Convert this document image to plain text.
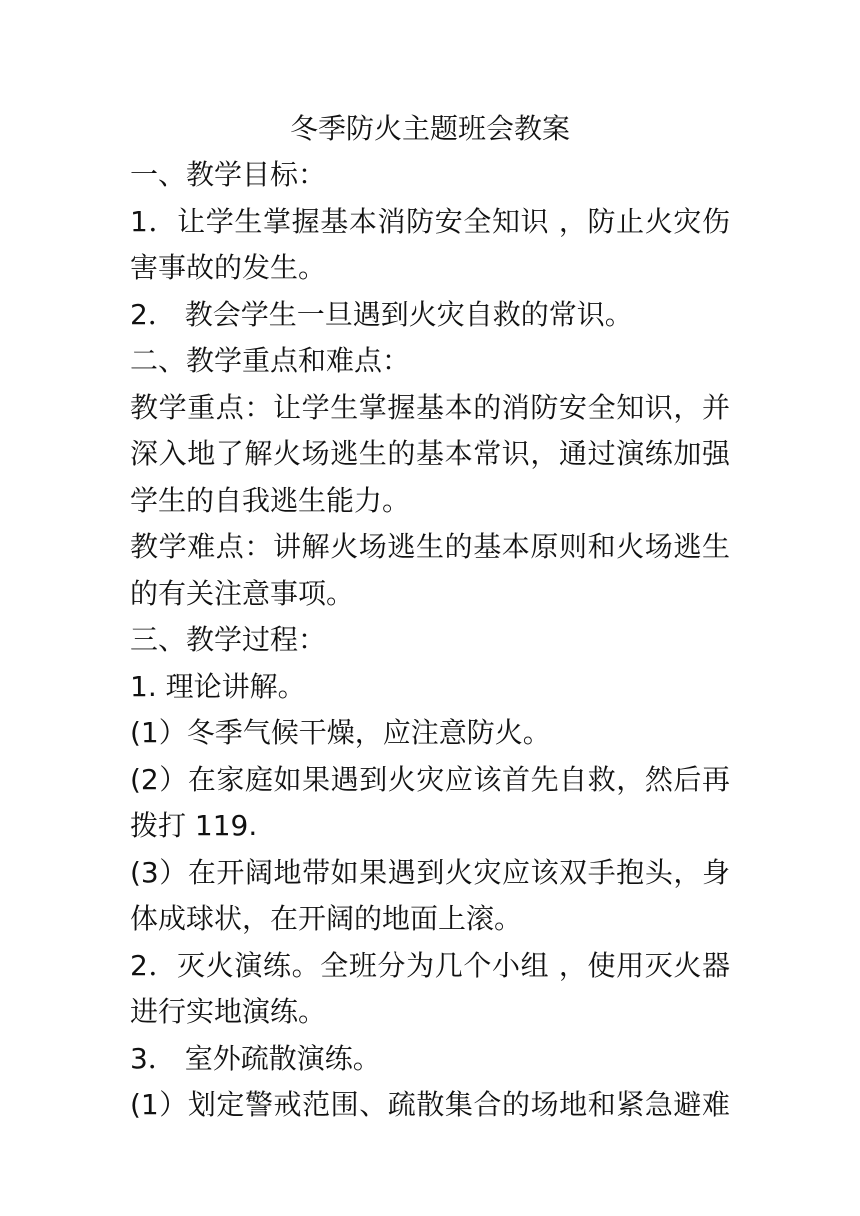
冬季防火主题班会教案
一、教学目标：
1．让学生掌握基本消防安全知识 ，防止火灾伤
害事故的发生。
2． 教会学生一旦遇到火灾自救的常识。
二、教学重点和难点：
教学重点：让学生掌握基本的消防安全知识，并
深入地了解火场逃生的基本常识，通过演练加强
学生的自我逃生能力。
教学难点：讲解火场逃生的基本原则和火场逃生
的有关注意事项。
三、教学过程：
1. 理论讲解。
(1）冬季气候干燥，应注意防火。
(2）在家庭如果遇到火灾应该首先自救，然后再
拨打 119.
(3）在开阔地带如果遇到火灾应该双手抱头，身
体成球状，在开阔的地面上滚。
2．灭火演练。全班分为几个小组 ，使用灭火器
进行实地演练。
3． 室外疏散演练。
(1）划定警戒范围、疏散集合的场地和紧急避难
